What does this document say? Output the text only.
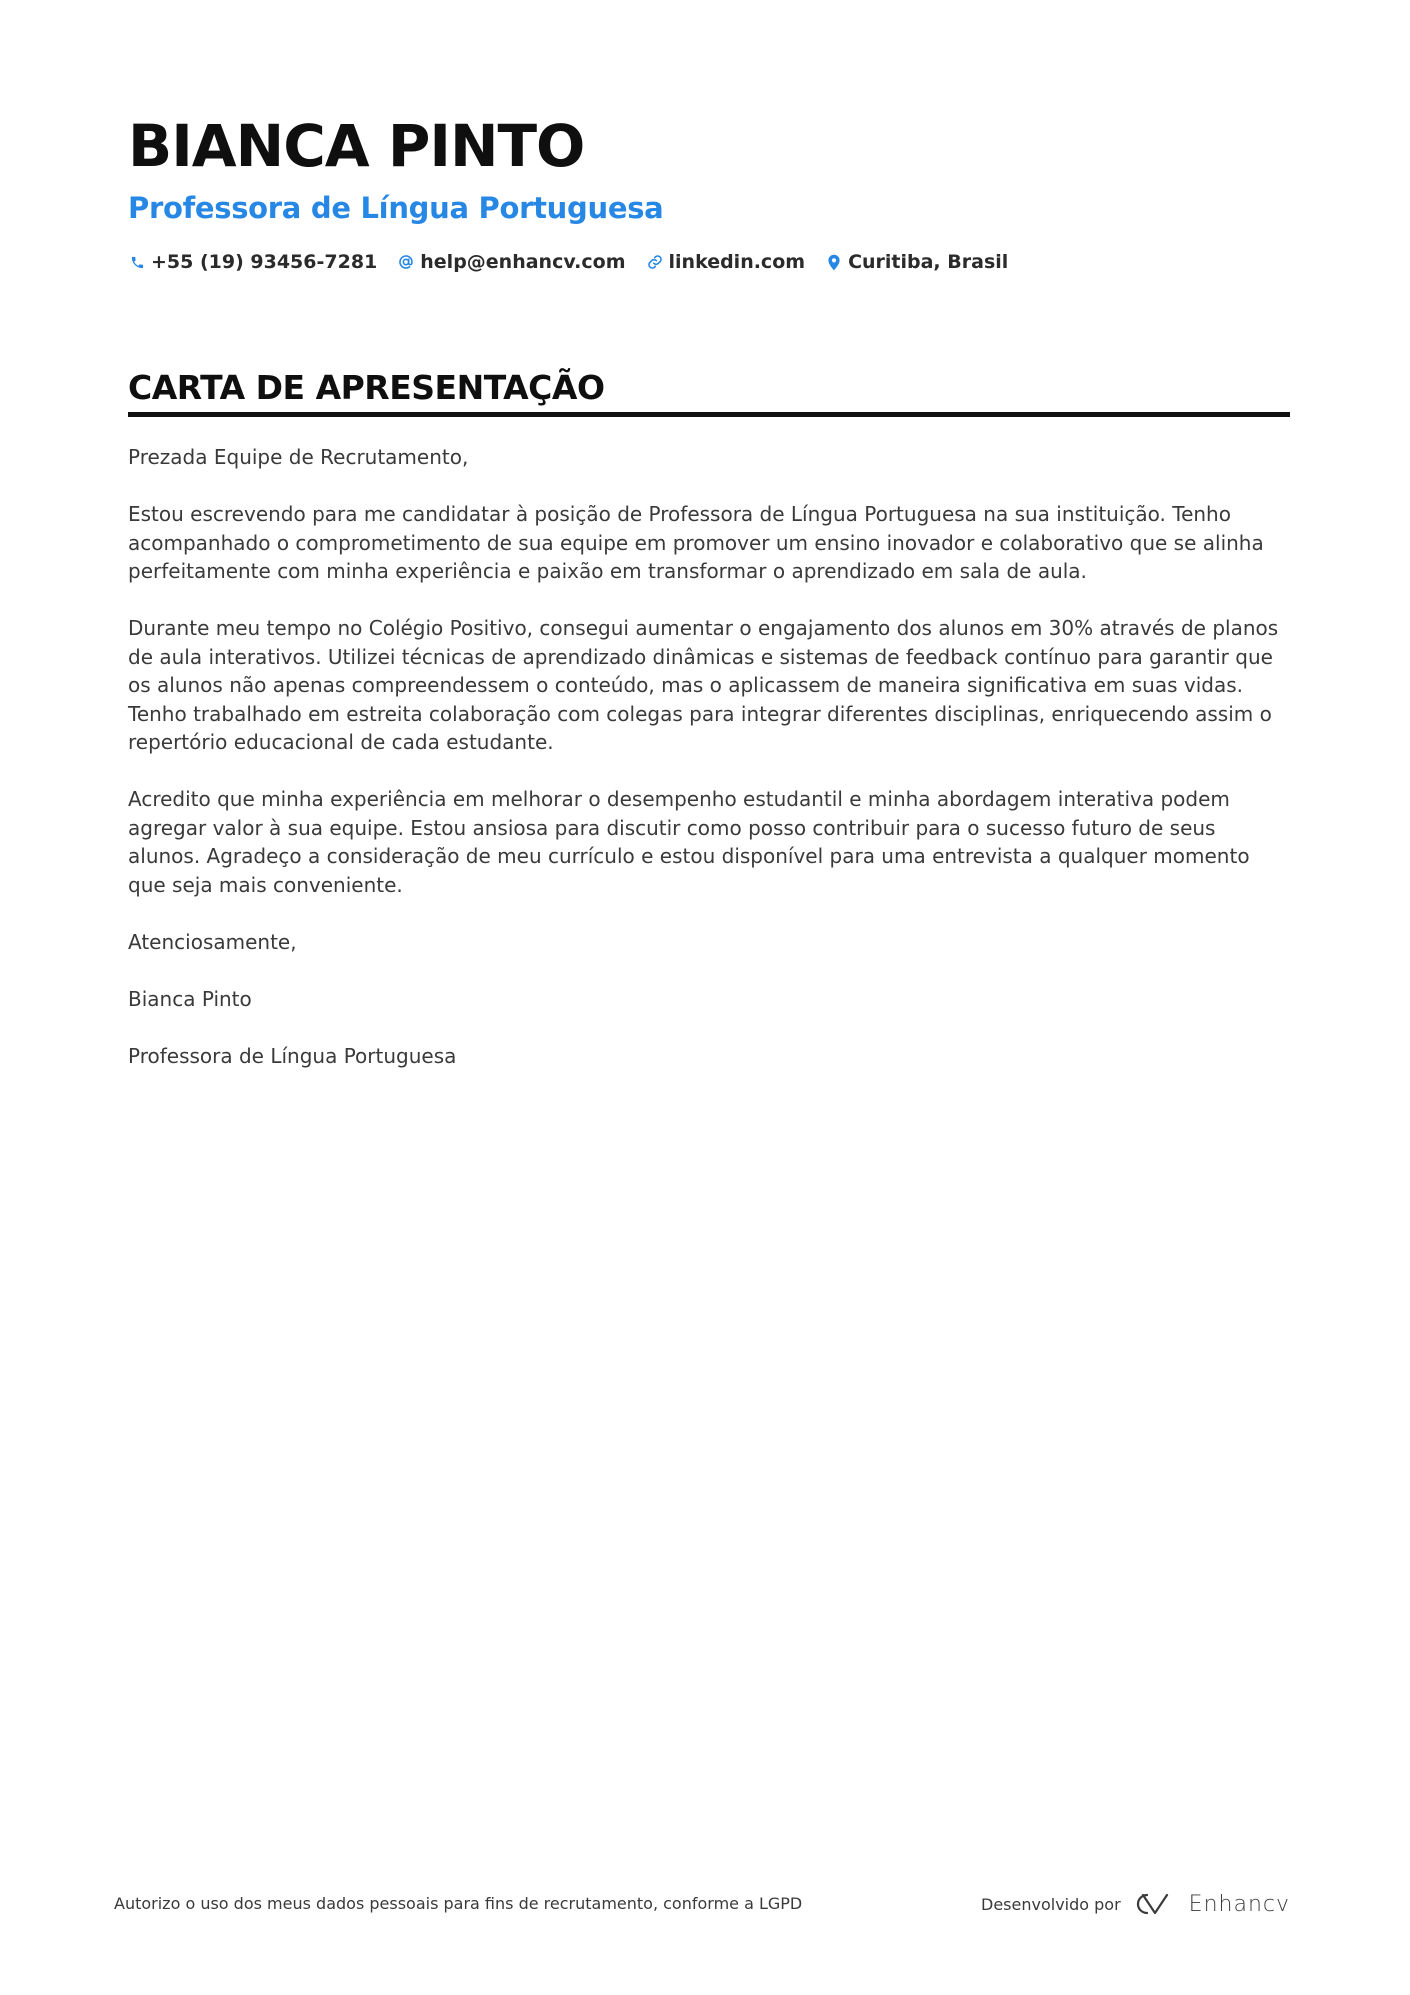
BIANCA PINTO
Professora de Língua Portuguesa
+55 (19) 93456-7281 help@enhancv.com linkedin.com Curitiba, Brasil
CARTA DE APRESENTAÇÃO

Prezada Equipe de Recrutamento,

Estou escrevendo para me candidatar à posição de Professora de Língua Portuguesa na sua instituição. Tenho acompanhado o comprometimento de sua equipe em promover um ensino inovador e colaborativo que se alinha perfeitamente com minha experiência e paixão em transformar o aprendizado em sala de aula.

Durante meu tempo no Colégio Positivo, consegui aumentar o engajamento dos alunos em 30% através de planos de aula interativos. Utilizei técnicas de aprendizado dinâmicas e sistemas de feedback contínuo para garantir que os alunos não apenas compreendessem o conteúdo, mas o aplicassem de maneira significativa em suas vidas. Tenho trabalhado em estreita colaboração com colegas para integrar diferentes disciplinas, enriquecendo assim o repertório educacional de cada estudante.

Acredito que minha experiência em melhorar o desempenho estudantil e minha abordagem interativa podem agregar valor à sua equipe. Estou ansiosa para discutir como posso contribuir para o sucesso futuro de seus alunos. Agradeço a consideração de meu currículo e estou disponível para uma entrevista a qualquer momento que seja mais conveniente.

Atenciosamente,

Bianca Pinto

Professora de Língua Portuguesa

Autorizo o uso dos meus dados pessoais para fins de recrutamento, conforme a LGPD	Desenvolvido por	Enhancv
